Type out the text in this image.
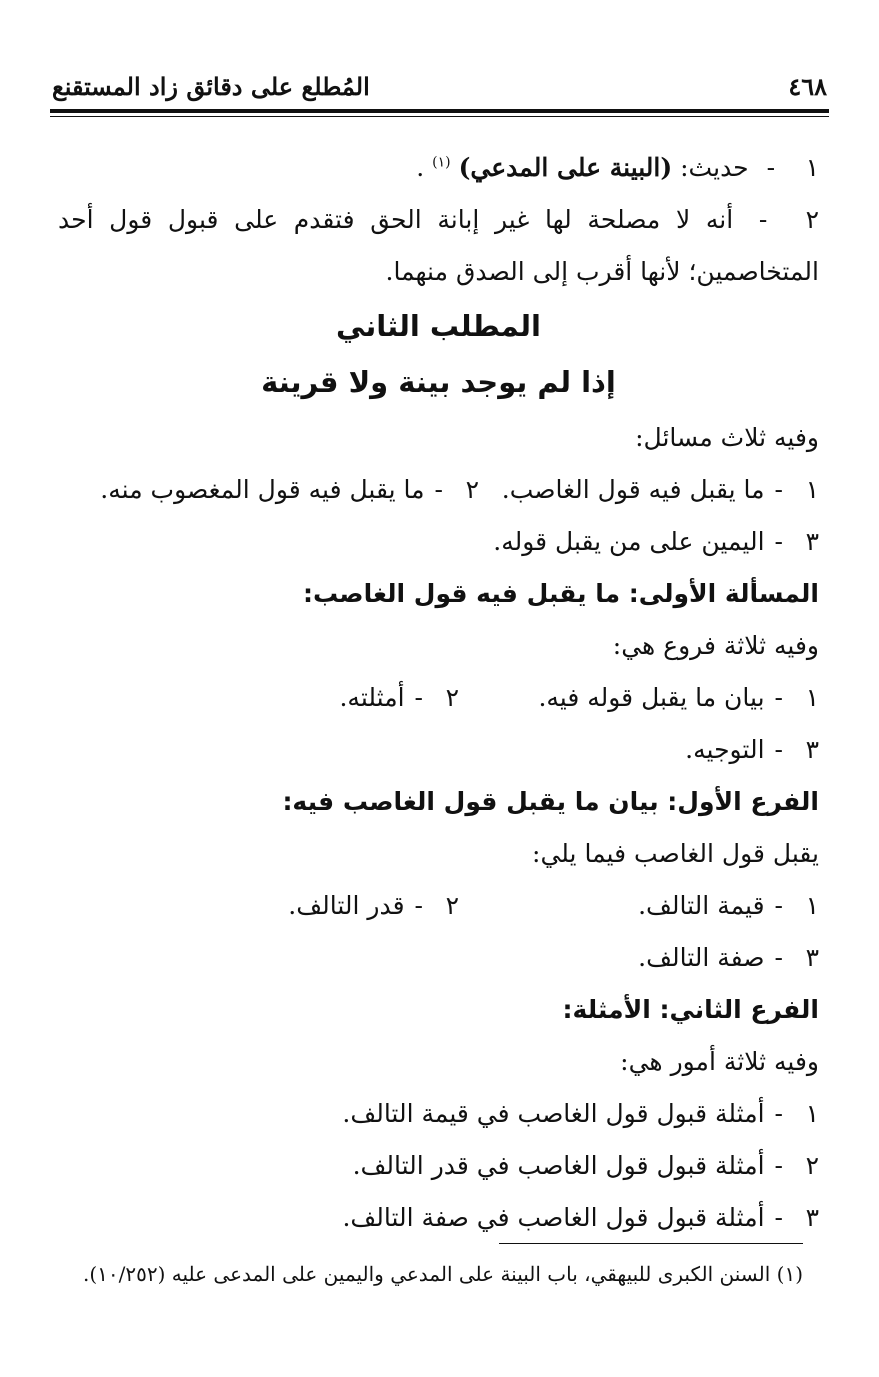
٤٦٨
المُطلع على دقائق زاد المستقنع
١ - حديث: (البينة على المدعي) $^{(١)}$ .
٢ - أنه لا مصلحة لها غير إبانة الحق فتقدم على قبول قول أحد
المتخاصمين؛ لأنها أقرب إلى الصدق منهما.
المطلب الثاني
إذا لم يوجد بينة ولا قرينة
وفيه ثلاث مسائل:
١-ما يقبل فيه قول الغاصب.
٢-ما يقبل فيه قول المغصوب منه.
٣-اليمين على من يقبل قوله.
المسألة الأولى: ما يقبل فيه قول الغاصب:
وفيه ثلاثة فروع هي:
١-بيان ما يقبل قوله فيه.
٢-أمثلته.
٣-التوجيه.
الفرع الأول: بيان ما يقبل قول الغاصب فيه:
يقبل قول الغاصب فيما يلي:
١-قيمة التالف.
٢-قدر التالف.
٣-صفة التالف.
الفرع الثاني: الأمثلة:
وفيه ثلاثة أمور هي:
١-أمثلة قبول قول الغاصب في قيمة التالف.
٢-أمثلة قبول قول الغاصب في قدر التالف.
٣-أمثلة قبول قول الغاصب في صفة التالف.
(١) السنن الكبرى للبيهقي، باب البينة على المدعي واليمين على المدعى عليه (١٠/٢٥٢).
